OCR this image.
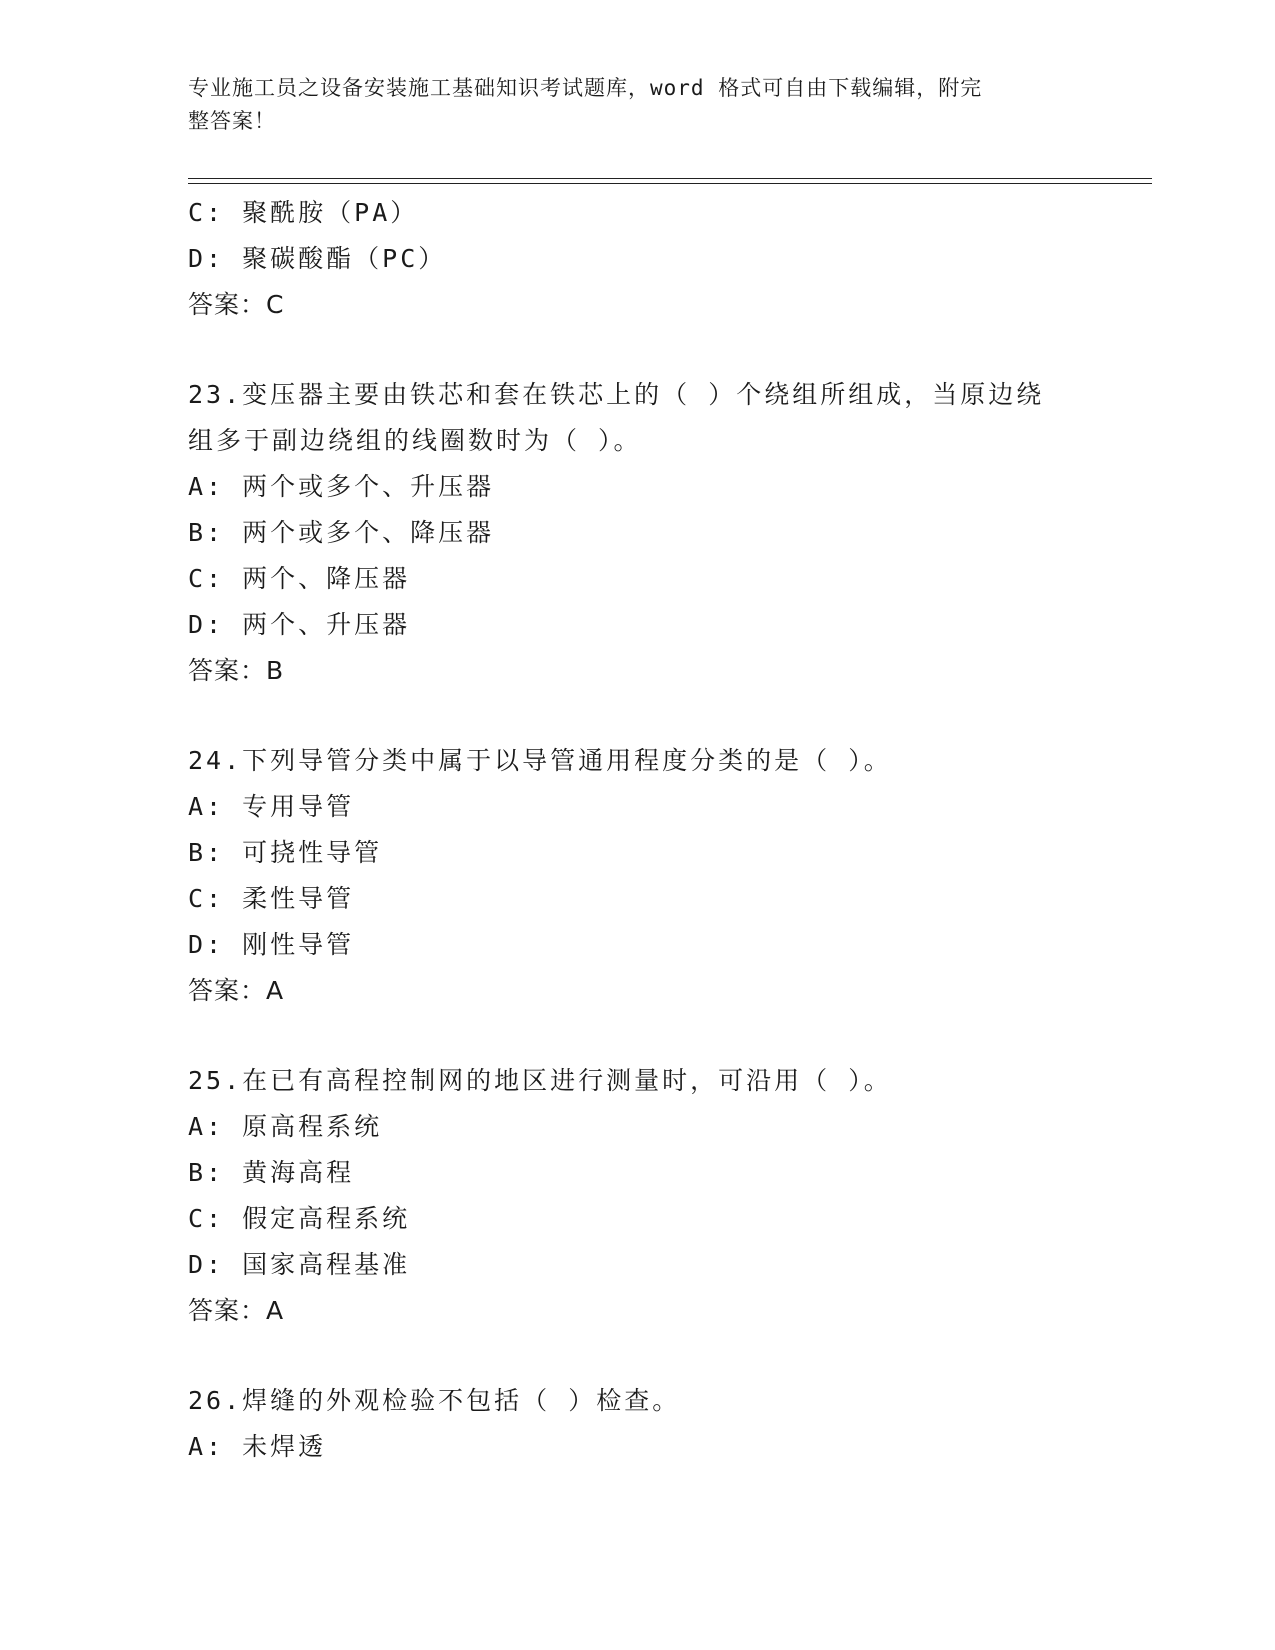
专业施工员之设备安装施工基础知识考试题库，word 格式可自由下载编辑，附完
整答案！
C: 聚酰胺（PA）
D: 聚碳酸酯（PC）
答案：C
23.变压器主要由铁芯和套在铁芯上的（ ）个绕组所组成，当原边绕
组多于副边绕组的线圈数时为（ ）。
A: 两个或多个、升压器
B: 两个或多个、降压器
C: 两个、降压器
D: 两个、升压器
答案：B
24.下列导管分类中属于以导管通用程度分类的是（ ）。
A: 专用导管
B: 可挠性导管
C: 柔性导管
D: 刚性导管
答案：A
25.在已有高程控制网的地区进行测量时，可沿用（ ）。
A: 原高程系统
B: 黄海高程
C: 假定高程系统
D: 国家高程基准
答案：A
26.焊缝的外观检验不包括（ ）检查。
A: 未焊透
